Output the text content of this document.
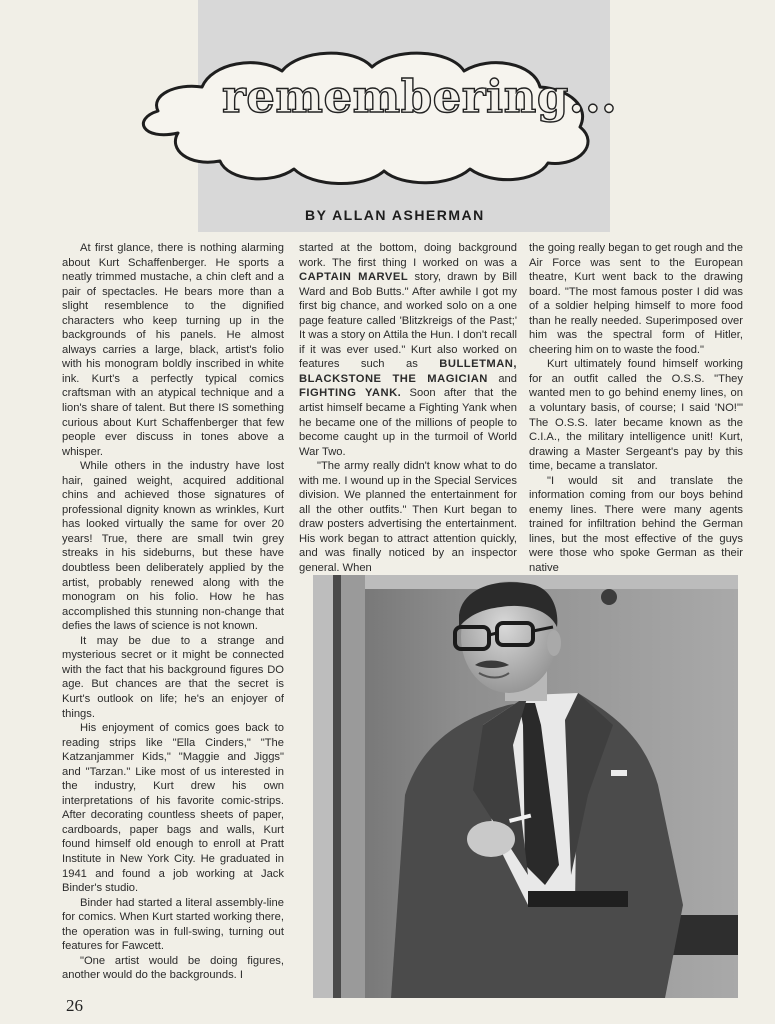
remembering...
BY ALLAN ASHERMAN

At first glance, there is nothing alarming about Kurt Schaffenberger. He sports a neatly trimmed mustache, a chin cleft and a pair of spectacles. He bears more than a slight resemblence to the dignified characters who keep turning up in the backgrounds of his panels. He almost always carries a large, black, artist's folio with his monogram boldly inscribed in white ink. Kurt's a perfectly typical comics craftsman with an atypical technique and a lion's share of talent. But there IS something curious about Kurt Schaffenberger that few people ever discuss in tones above a whisper.

While others in the industry have lost hair, gained weight, acquired additional chins and achieved those signatures of professional dignity known as wrinkles, Kurt has looked virtually the same for over 20 years! True, there are small twin grey streaks in his sideburns, but these have doubtless been deliberately applied by the artist, probably renewed along with the monogram on his folio. How he has accomplished this stunning non-change that defies the laws of science is not known.

It may be due to a strange and mysterious secret or it might be connected with the fact that his background figures DO age. But chances are that the secret is Kurt's outlook on life; he's an enjoyer of things.

His enjoyment of comics goes back to reading strips like "Ella Cinders," "The Katzanjammer Kids," "Maggie and Jiggs" and "Tarzan." Like most of us interested in the industry, Kurt drew his own interpretations of his favorite comic-strips. After decorating countless sheets of paper, cardboards, paper bags and walls, Kurt found himself old enough to enroll at Pratt Institute in New York City. He graduated in 1941 and found a job working at Jack Binder's studio.

Binder had started a literal assembly-line for comics. When Kurt started working there, the operation was in full-swing, turning out features for Fawcett.

"One artist would be doing figures, another would do the backgrounds. I

started at the bottom, doing background work. The first thing I worked on was a CAPTAIN MARVEL story, drawn by Bill Ward and Bob Butts." After awhile I got my first big chance, and worked solo on a one page feature called 'Blitzkreigs of the Past;' It was a story on Attila the Hun. I don't recall if it was ever used." Kurt also worked on features such as BULLETMAN, BLACKSTONE THE MAGICIAN and FIGHTING YANK. Soon after that the artist himself became a Fighting Yank when he became one of the millions of people to become caught up in the turmoil of World War Two.

"The army really didn't know what to do with me. I wound up in the Special Services division. We planned the entertainment for all the other outfits." Then Kurt began to draw posters advertising the entertainment. His work began to attract attention quickly, and was finally noticed by an inspector general. When

the going really began to get rough and the Air Force was sent to the European theatre, Kurt went back to the drawing board. "The most famous poster I did was of a soldier helping himself to more food than he really needed. Superimposed over him was the spectral form of Hitler, cheering him on to waste the food."

Kurt ultimately found himself working for an outfit called the O.S.S. "They wanted men to go behind enemy lines, on a voluntary basis, of course; I said 'NO!'" The O.S.S. later became known as the C.I.A., the military intelligence unit! Kurt, drawing a Master Sergeant's pay by this time, became a translator.

"I would sit and translate the information coming from our boys behind enemy lines. There were many agents trained for infiltration behind the German lines, but the most effective of the guys were those who spoke German as their native

26
